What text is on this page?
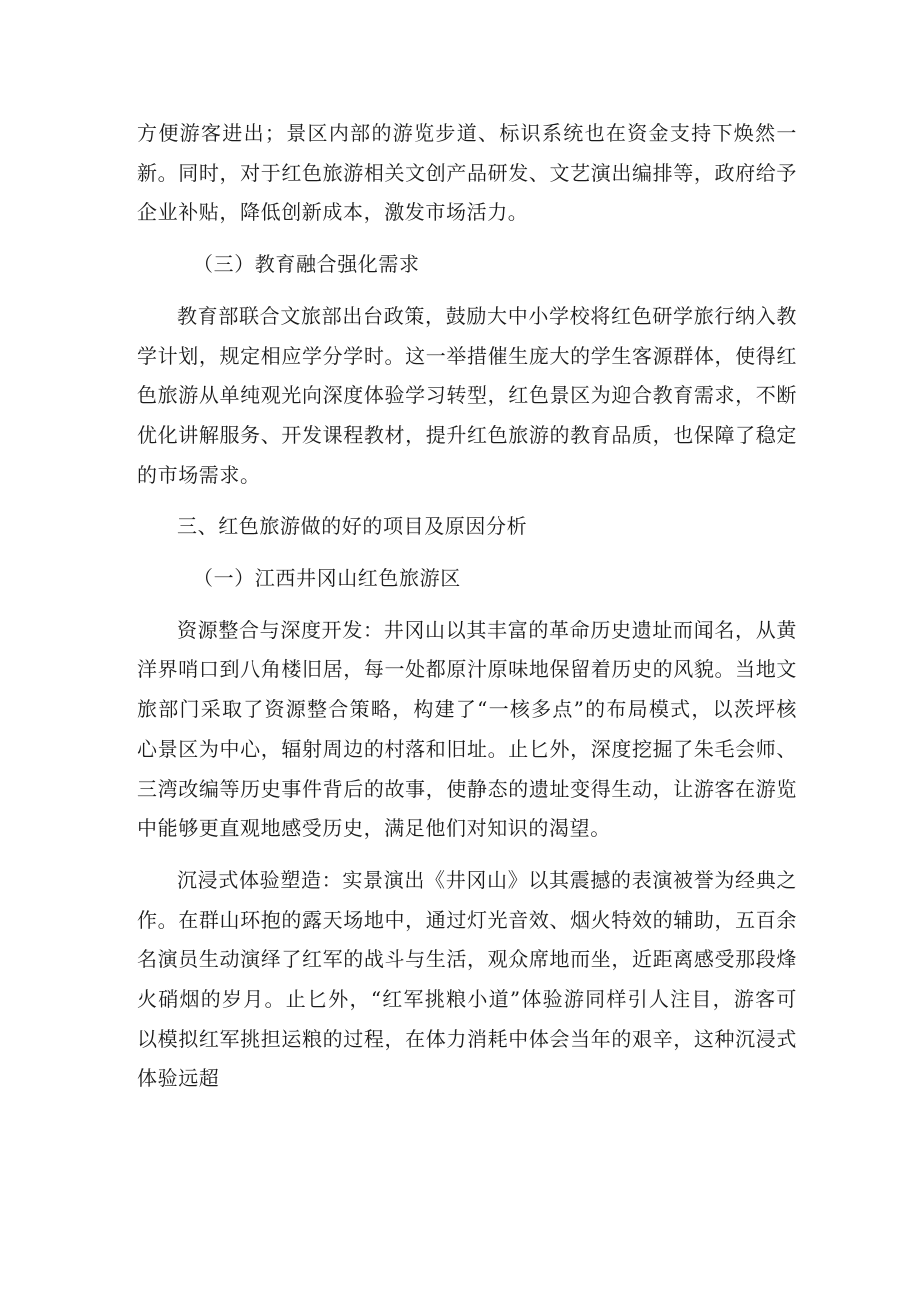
方便游客进出；景区内部的游览步道、标识系统也在资金支持下焕然一新。同时，对于红色旅游相关文创产品研发、文艺演出编排等，政府给予企业补贴，降低创新成本，激发市场活力。

（三）教育融合强化需求

教育部联合文旅部出台政策，鼓励大中小学校将红色研学旅行纳入教学计划，规定相应学分学时。这一举措催生庞大的学生客源群体，使得红色旅游从单纯观光向深度体验学习转型，红色景区为迎合教育需求，不断优化讲解服务、开发课程教材，提升红色旅游的教育品质，也保障了稳定的市场需求。

三、红色旅游做的好的项目及原因分析

（一）江西井冈山红色旅游区

资源整合与深度开发：井冈山以其丰富的革命历史遗址而闻名，从黄洋界哨口到八角楼旧居，每一处都原汁原味地保留着历史的风貌。当地文旅部门采取了资源整合策略，构建了“一核多点”的布局模式，以茨坪核心景区为中心，辐射周边的村落和旧址。止匕外，深度挖掘了朱毛会师、三湾改编等历史事件背后的故事，使静态的遗址变得生动，让游客在游览中能够更直观地感受历史，满足他们对知识的渴望。

沉浸式体验塑造：实景演出《井冈山》以其震撼的表演被誉为经典之作。在群山环抱的露天场地中，通过灯光音效、烟火特效的辅助，五百余名演员生动演绎了红军的战斗与生活，观众席地而坐，近距离感受那段烽火硝烟的岁月。止匕外，“红军挑粮小道”体验游同样引人注目，游客可以模拟红军挑担运粮的过程，在体力消耗中体会当年的艰辛，这种沉浸式体验远超
